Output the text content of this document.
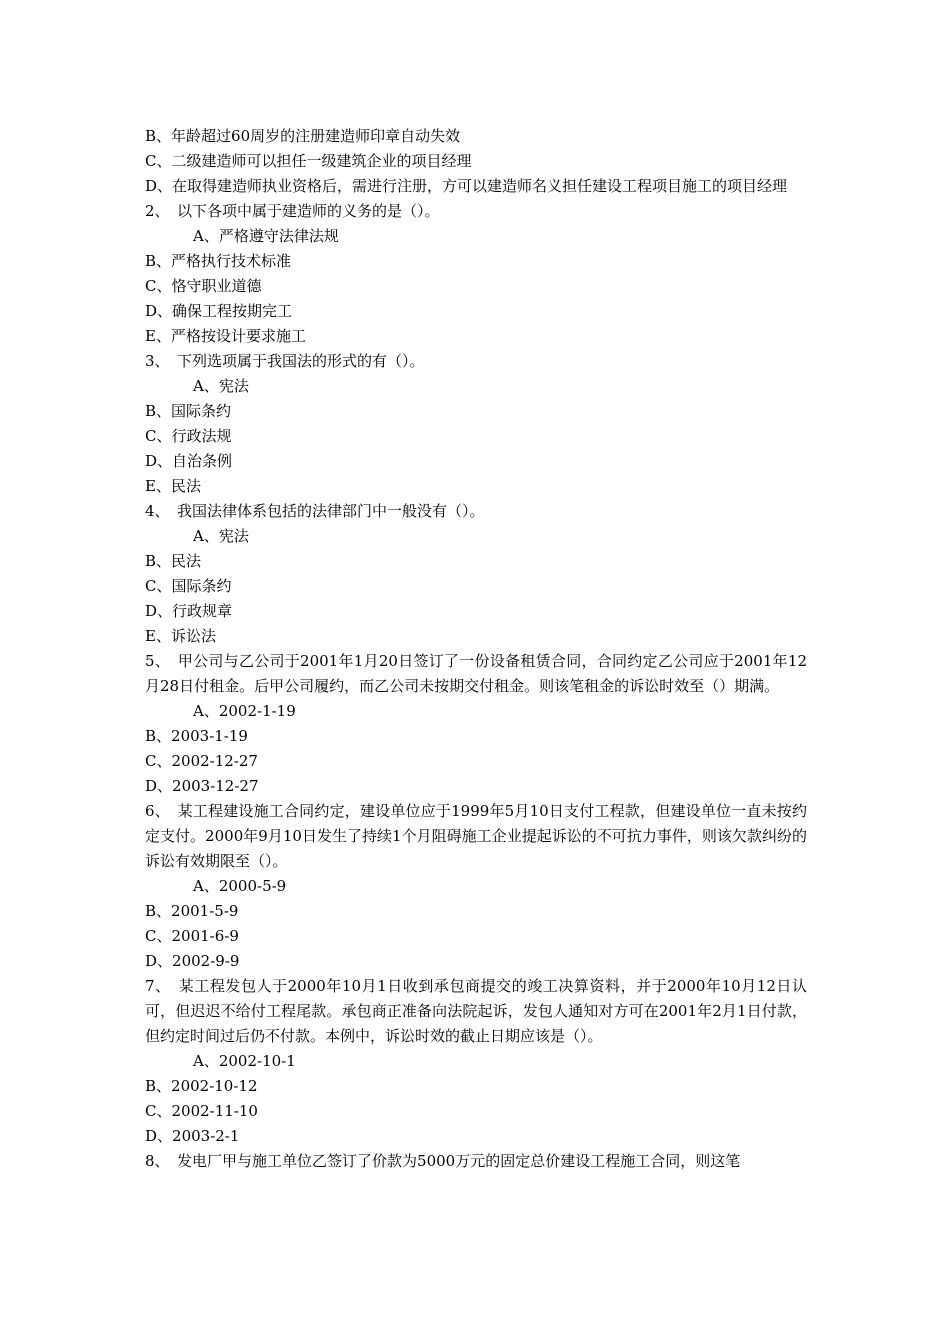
B、年龄超过60周岁的注册建造师印章自动失效
C、二级建造师可以担任一级建筑企业的项目经理
D、在取得建造师执业资格后，需进行注册，方可以建造师名义担任建设工程项目施工的项目经理
2、　以下各项中属于建造师的义务的是（）。
A、严格遵守法律法规
B、严格执行技术标准
C、恪守职业道德
D、确保工程按期完工
E、严格按设计要求施工
3、　下列选项属于我国法的形式的有（）。
A、宪法
B、国际条约
C、行政法规
D、自治条例
E、民法
4、　我国法律体系包括的法律部门中一般没有（）。
A、宪法
B、民法
C、国际条约
D、行政规章
E、诉讼法
5、　甲公司与乙公司于2001年1月20日签订了一份设备租赁合同，合同约定乙公司应于2001年12月28日付租金。后甲公司履约，而乙公司未按期交付租金。则该笔租金的诉讼时效至（）期满。
A、2002-1-19
B、2003-1-19
C、2002-12-27
D、2003-12-27
6、　某工程建设施工合同约定，建设单位应于1999年5月10日支付工程款，但建设单位一直未按约定支付。2000年9月10日发生了持续1个月阻碍施工企业提起诉讼的不可抗力事件，则该欠款纠纷的诉讼有效期限至（）。
A、2000-5-9
B、2001-5-9
C、2001-6-9
D、2002-9-9
7、　某工程发包人于2000年10月1日收到承包商提交的竣工决算资料，并于2000年10月12日认可，但迟迟不给付工程尾款。承包商正准备向法院起诉，发包人通知对方可在2001年2月1日付款，但约定时间过后仍不付款。本例中，诉讼时效的截止日期应该是（）。
A、2002-10-1
B、2002-10-12
C、2002-11-10
D、2003-2-1
8、　发电厂甲与施工单位乙签订了价款为5000万元的固定总价建设工程施工合同，则这笔
